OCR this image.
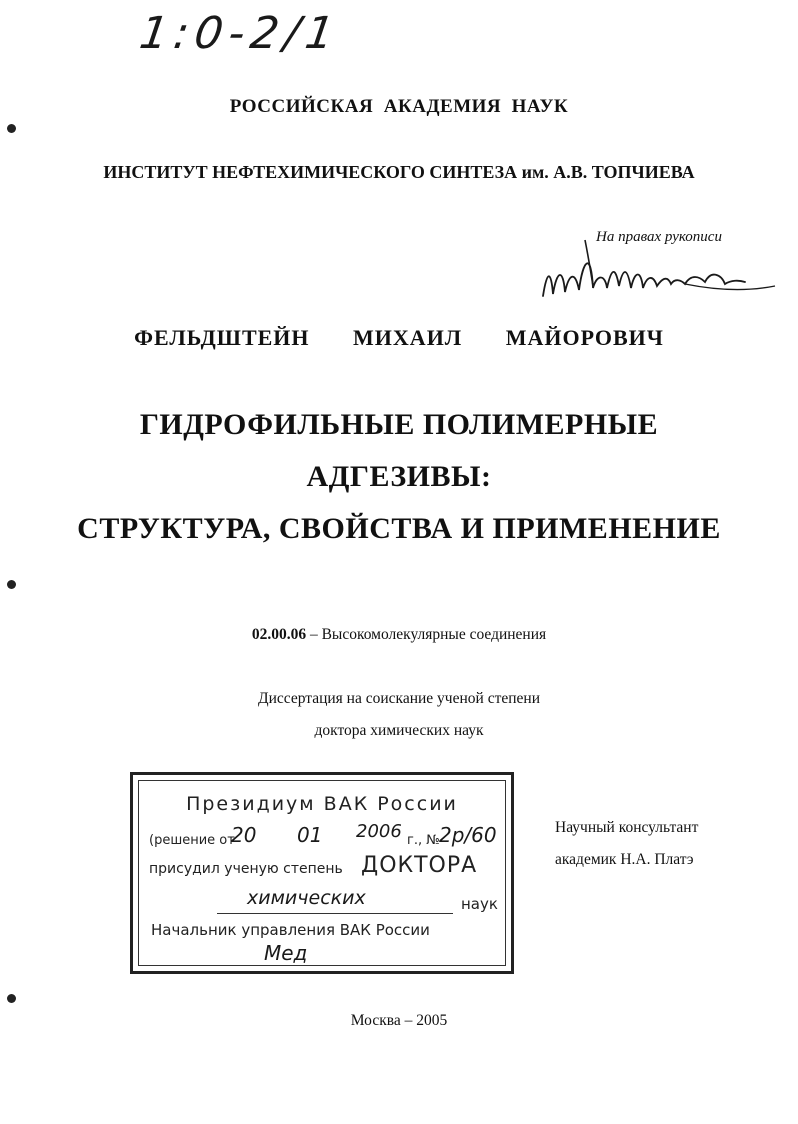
1:0-2/1
РОССИЙСКАЯ  АКАДЕМИЯ  НАУК
ИНСТИТУТ НЕФТЕХИМИЧЕСКОГО СИНТЕЗА им. А.В. ТОПЧИЕВА
На правах рукописи
ФЕЛЬДШТЕЙН   МИХАИЛ   МАЙОРОВИЧ
ГИДРОФИЛЬНЫЕ ПОЛИМЕРНЫЕ
АДГЕЗИВЫ:
СТРУКТУРА, СВОЙСТВА И ПРИМЕНЕНИЕ
02.00.06 – Высокомолекулярные соединения
Диссертация на соискание ученой степени
доктора химических наук
Президиум ВАК России
(решение от
20 01 2006 г., № 2р/60
присудил ученую степень ДОКТОРА
химических	наук
Начальник управления ВАК России
Мед
Научный консультант
академик Н.А. Платэ
Москва – 2005
